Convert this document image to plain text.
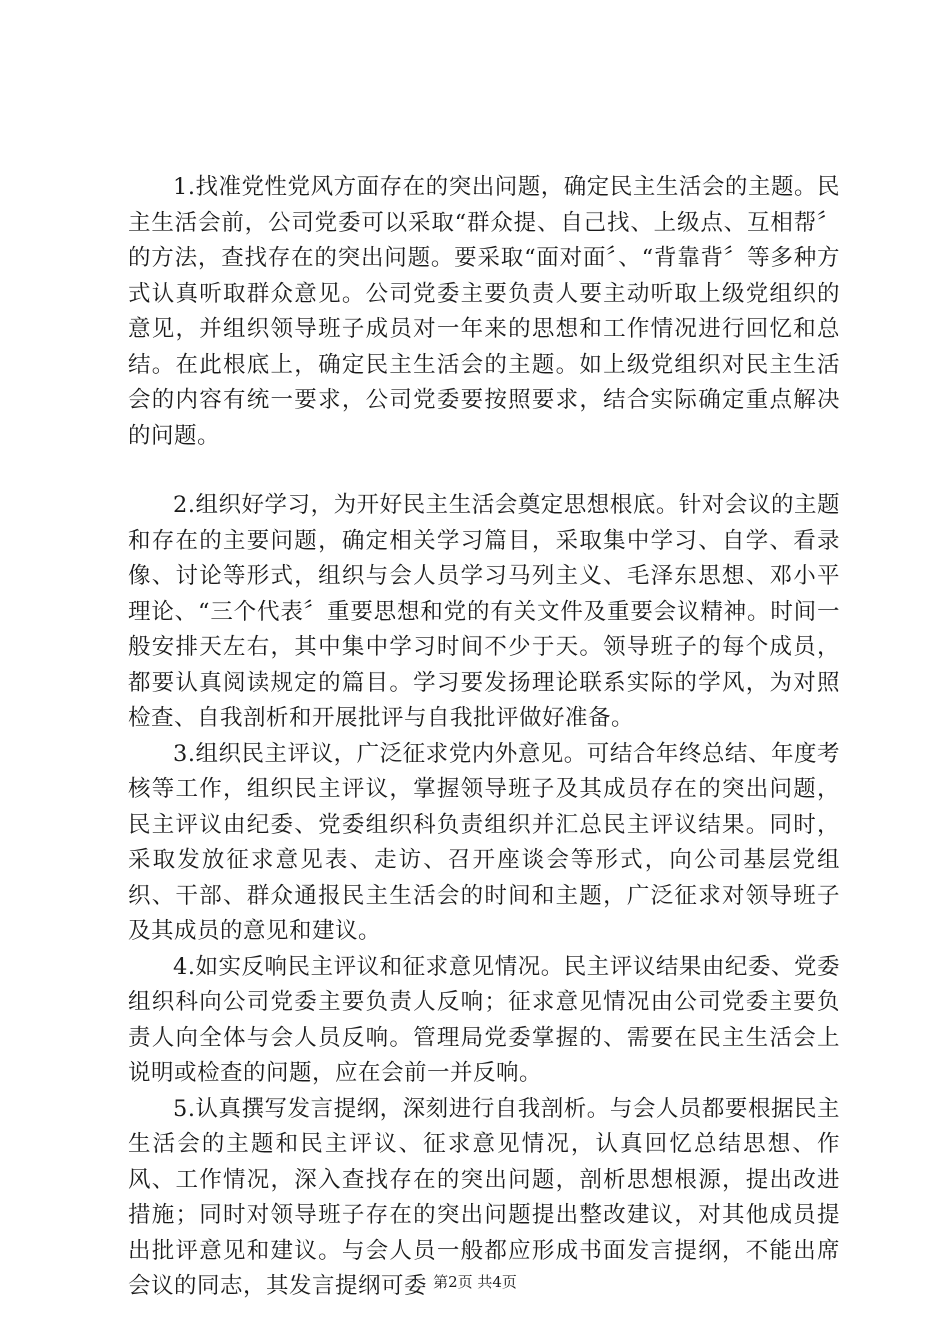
1.找准党性党风方面存在的突出问题，确定民主生活会的主题。民主生活会前，公司党委可以采取“群众提、自己找、上级点、互相帮〞的方法，查找存在的突出问题。要采取“面对面〞、“背靠背〞等多种方式认真听取群众意见。公司党委主要负责人要主动听取上级党组织的意见，并组织领导班子成员对一年来的思想和工作情况进行回忆和总结。在此根底上，确定民主生活会的主题。如上级党组织对民主生活会的内容有统一要求，公司党委要按照要求，结合实际确定重点解决的问题。

2.组织好学习，为开好民主生活会奠定思想根底。针对会议的主题和存在的主要问题，确定相关学习篇目，采取集中学习、自学、看录像、讨论等形式，组织与会人员学习马列主义、毛泽东思想、邓小平理论、“三个代表〞重要思想和党的有关文件及重要会议精神。时间一般安排天左右，其中集中学习时间不少于天。领导班子的每个成员，都要认真阅读规定的篇目。学习要发扬理论联系实际的学风，为对照检查、自我剖析和开展批评与自我批评做好准备。

3.组织民主评议，广泛征求党内外意见。可结合年终总结、年度考核等工作，组织民主评议，掌握领导班子及其成员存在的突出问题，民主评议由纪委、党委组织科负责组织并汇总民主评议结果。同时，采取发放征求意见表、走访、召开座谈会等形式，向公司基层党组织、干部、群众通报民主生活会的时间和主题，广泛征求对领导班子及其成员的意见和建议。

4.如实反响民主评议和征求意见情况。民主评议结果由纪委、党委组织科向公司党委主要负责人反响；征求意见情况由公司党委主要负责人向全体与会人员反响。管理局党委掌握的、需要在民主生活会上说明或检查的问题，应在会前一并反响。

5.认真撰写发言提纲，深刻进行自我剖析。与会人员都要根据民主生活会的主题和民主评议、征求意见情况，认真回忆总结思想、作风、工作情况，深入查找存在的突出问题，剖析思想根源，提出改进措施；同时对领导班子存在的突出问题提出整改建议，对其他成员提出批评意见和建议。与会人员一般都应形成书面发言提纲，不能出席会议的同志，其发言提纲可委 第2页 共4页
